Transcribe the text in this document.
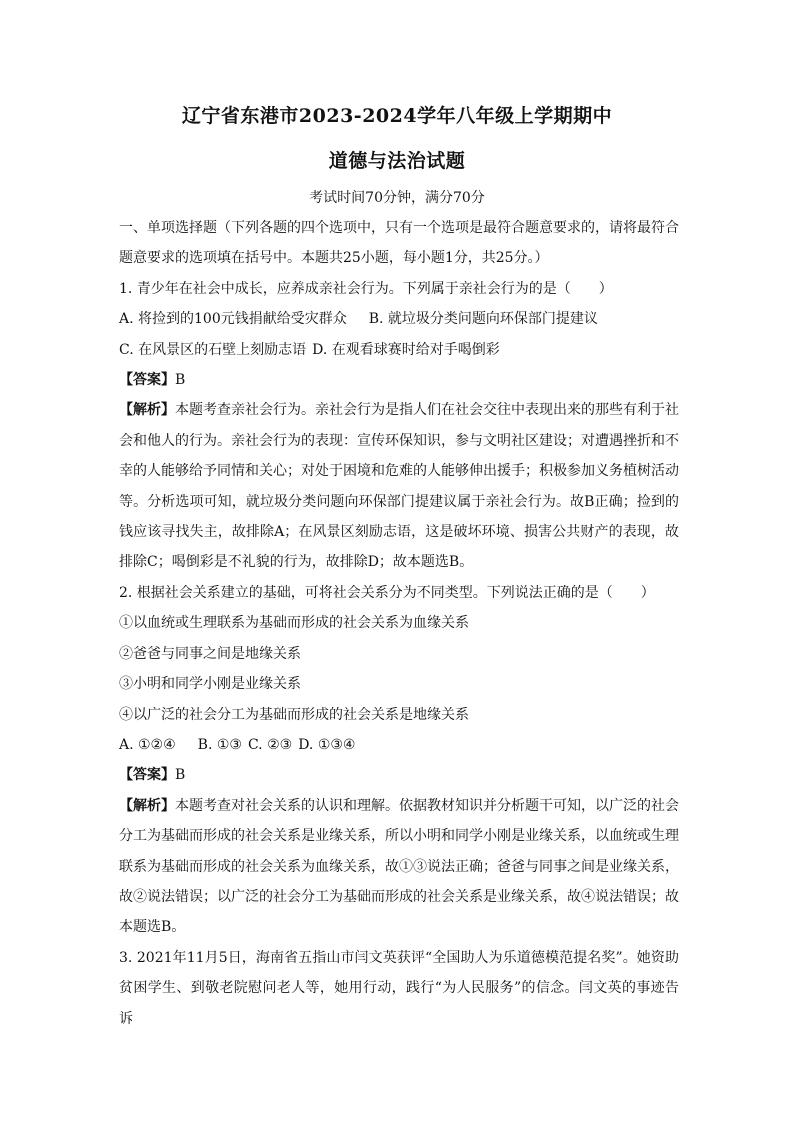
辽宁省东港市2023-2024学年八年级上学期期中
道德与法治试题
考试时间70分钟，满分70分

一、单项选择题（下列各题的四个选项中，只有一个选项是最符合题意要求的，请将最符合题意要求的选项填在括号中。本题共25小题，每小题1分，共25分。）

1. 青少年在社会中成长，应养成亲社会行为。下列属于亲社会行为的是（　　）

A. 将捡到的100元钱捐献给受灾群众 B. 就垃圾分类问题向环保部门提建议

C. 在风景区的石壁上刻励志语 D. 在观看球赛时给对手喝倒彩

【答案】B

【解析】本题考查亲社会行为。亲社会行为是指人们在社会交往中表现出来的那些有利于社会和他人的行为。亲社会行为的表现：宣传环保知识，参与文明社区建设；对遭遇挫折和不幸的人能够给予同情和关心；对处于困境和危难的人能够伸出援手；积极参加义务植树活动等。分析选项可知，就垃圾分类问题向环保部门提建议属于亲社会行为。故B正确；捡到的钱应该寻找失主，故排除A；在风景区刻励志语，这是破坏环境、损害公共财产的表现，故排除C；喝倒彩是不礼貌的行为，故排除D；故本题选B。

2. 根据社会关系建立的基础，可将社会关系分为不同类型。下列说法正确的是（　　）

①以血统或生理联系为基础而形成的社会关系为血缘关系

②爸爸与同事之间是地缘关系

③小明和同学小刚是业缘关系

④以广泛的社会分工为基础而形成的社会关系是地缘关系

A. ①②④ B. ①③ C. ②③ D. ①③④

【答案】B

【解析】本题考查对社会关系的认识和理解。依据教材知识并分析题干可知，以广泛的社会分工为基础而形成的社会关系是业缘关系，所以小明和同学小刚是业缘关系，以血统或生理联系为基础而形成的社会关系为血缘关系，故①③说法正确；爸爸与同事之间是业缘关系，故②说法错误；以广泛的社会分工为基础而形成的社会关系是业缘关系，故④说法错误；故本题选B。

3. 2021年11月5日，海南省五指山市闫文英获评“全国助人为乐道德模范提名奖”。她资助贫困学生、到敬老院慰问老人等，她用行动，践行“为人民服务”的信念。闫文英的事迹告诉
